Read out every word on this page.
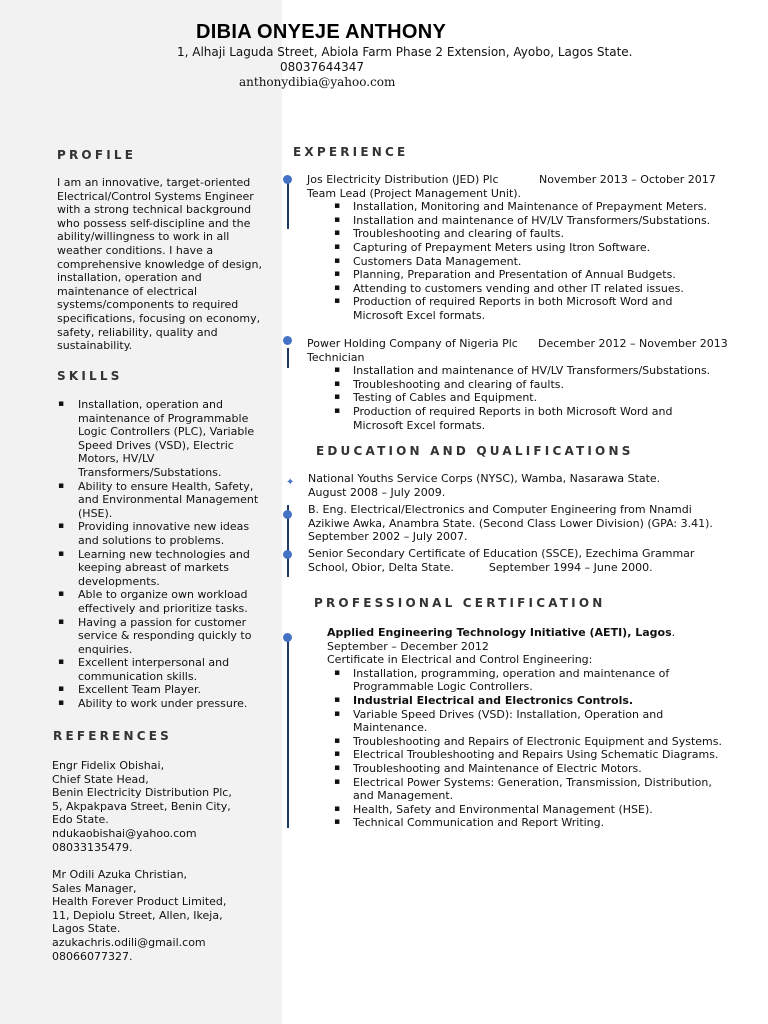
DIBIA ONYEJE ANTHONY
1, Alhaji Laguda Street, Abiola Farm Phase 2 Extension, Ayobo, Lagos State.
08037644347
anthonydibia@yahoo.com
PROFILE
I am an innovative, target-oriented
Electrical/Control Systems Engineer
with a strong technical background
who possess self-discipline and the
ability/willingness to work in all
weather conditions. I have a
comprehensive knowledge of design,
installation, operation and
maintenance of electrical
systems/components to required
specifications, focusing on economy,
safety, reliability, quality and
sustainability.
SKILLS
▪ Installation, operation and
maintenance of Programmable
Logic Controllers (PLC), Variable
Speed Drives (VSD), Electric
Motors, HV/LV
Transformers/Substations.
▪ Ability to ensure Health, Safety,
and Environmental Management
(HSE).
▪ Providing innovative new ideas
and solutions to problems.
▪ Learning new technologies and
keeping abreast of markets
developments.
▪ Able to organize own workload
effectively and prioritize tasks.
▪ Having a passion for customer
service & responding quickly to
enquiries.
▪ Excellent interpersonal and
communication skills.
▪ Excellent Team Player.
▪ Ability to work under pressure.
REFERENCES
Engr Fidelix Obishai,
Chief State Head,
Benin Electricity Distribution Plc,
5, Akpakpava Street, Benin City,
Edo State.
ndukaobishai@yahoo.com
08033135479.
Mr Odili Azuka Christian,
Sales Manager,
Health Forever Product Limited,
11, Depiolu Street, Allen, Ikeja,
Lagos State.
azukachris.odili@gmail.com
08066077327.
✦
EXPERIENCE
Jos Electricity Distribution (JED) Plc	November 2013 – October 2017
Team Lead (Project Management Unit).
▪ Installation, Monitoring and Maintenance of Prepayment Meters.
▪ Installation and maintenance of HV/LV Transformers/Substations.
▪ Troubleshooting and clearing of faults.
▪ Capturing of Prepayment Meters using Itron Software.
▪ Customers Data Management.
▪ Planning, Preparation and Presentation of Annual Budgets.
▪ Attending to customers vending and other IT related issues.
▪ Production of required Reports in both Microsoft Word and
Microsoft Excel formats.
Power Holding Company of Nigeria Plc	December 2012 – November 2013
Technician
▪ Installation and maintenance of HV/LV Transformers/Substations.
▪ Troubleshooting and clearing of faults.
▪ Testing of Cables and Equipment.
▪ Production of required Reports in both Microsoft Word and
Microsoft Excel formats.
EDUCATION AND QUALIFICATIONS
National Youths Service Corps (NYSC), Wamba, Nasarawa State.
August 2008 – July 2009.
B. Eng. Electrical/Electronics and Computer Engineering from Nnamdi
Azikiwe Awka, Anambra State. (Second Class Lower Division) (GPA: 3.41).
September 2002 – July 2007.
Senior Secondary Certificate of Education (SSCE), Ezechima Grammar
School, Obior, Delta State.          September 1994 – June 2000.
PROFESSIONAL CERTIFICATION
Applied Engineering Technology Initiative (AETI), Lagos.
September – December 2012
Certificate in Electrical and Control Engineering:
▪ Installation, programming, operation and maintenance of
Programmable Logic Controllers.
▪ Industrial Electrical and Electronics Controls.
▪ Variable Speed Drives (VSD): Installation, Operation and
Maintenance.
▪ Troubleshooting and Repairs of Electronic Equipment and Systems.
▪ Electrical Troubleshooting and Repairs Using Schematic Diagrams.
▪ Troubleshooting and Maintenance of Electric Motors.
▪ Electrical Power Systems: Generation, Transmission, Distribution,
and Management.
▪ Health, Safety and Environmental Management (HSE).
▪ Technical Communication and Report Writing.
